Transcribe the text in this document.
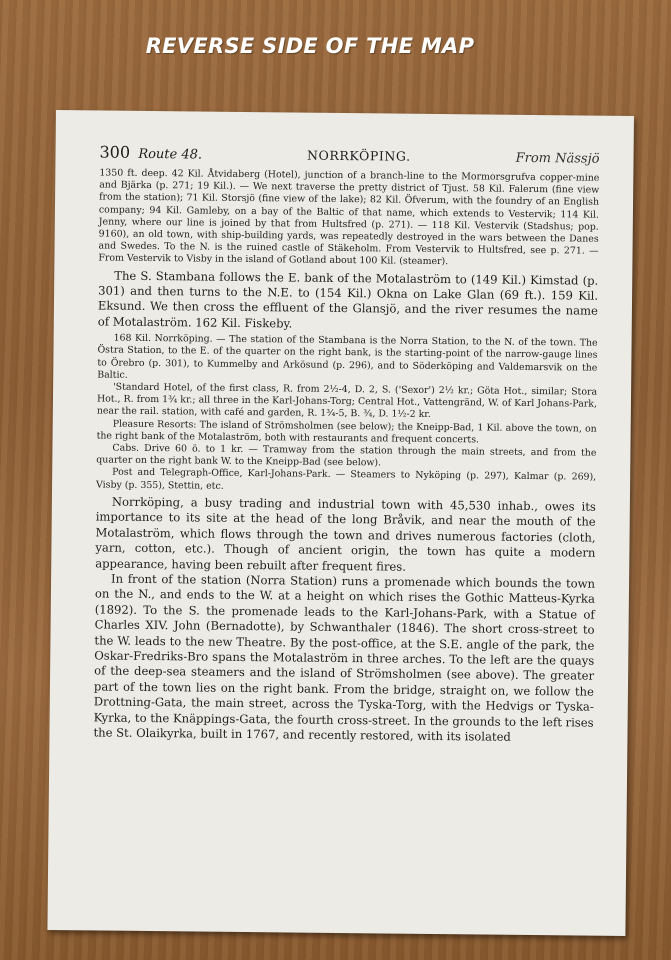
REVERSE SIDE OF THE MAP
300 Route 48.	NORRKÖPING.	From Nässjö

1350 ft. deep. 42 Kil. Åtvidaberg (Hotel), junction of a branch-line to the Mormorsgrufva copper-mine and Bjärka (p. 271; 19 Kil.). — We next traverse the pretty district of Tjust. 58 Kil. Falerum (fine view from the station); 71 Kil. Storsjö (fine view of the lake); 82 Kil. Öfverum, with the foundry of an English company; 94 Kil. Gamleby, on a bay of the Baltic of that name, which extends to Vestervik; 114 Kil. Jenny, where our line is joined by that from Hultsfred (p. 271). — 118 Kil. Vestervik (Stadshus; pop. 9160), an old town, with ship-building yards, was repeatedly destroyed in the wars between the Danes and Swedes. To the N. is the ruined castle of Stäkeholm. From Vestervik to Hultsfred, see p. 271. — From Vestervik to Visby in the island of Gotland about 100 Kil. (steamer).

The S. Stambana follows the E. bank of the Motalaström to (149 Kil.) Kimstad (p. 301) and then turns to the N.E. to (154 Kil.) Okna on Lake Glan (69 ft.). 159 Kil. Eksund. We then cross the effluent of the Glansjö, and the river resumes the name of Motalaström. 162 Kil. Fiskeby.

168 Kil. Norrköping. — The station of the Stambana is the Norra Station, to the N. of the town. The Östra Station, to the E. of the quarter on the right bank, is the starting-point of the narrow-gauge lines to Örebro (p. 301), to Kummelby and Arkösund (p. 296), and to Söderköping and Valdemarsvik on the Baltic.

'Standard Hotel, of the first class, R. from 2½-4, D. 2, S. ('Sexor') 2½ kr.; Göta Hot., similar; Stora Hot., R. from 1¾ kr.; all three in the Karl-Johans-Torg; Central Hot., Vattengränd, W. of Karl Johans-Park, near the rail. station, with café and garden, R. 1¾-5, B. ¾, D. 1½-2 kr.

Pleasure Resorts: The island of Strömsholmen (see below); the Kneipp-Bad, 1 Kil. above the town, on the right bank of the Motalaström, both with restaurants and frequent concerts.

Cabs. Drive 60 ö. to 1 kr. — Tramway from the station through the main streets, and from the quarter on the right bank W. to the Kneipp-Bad (see below).

Post and Telegraph-Office, Karl-Johans-Park. — Steamers to Nyköping (p. 297), Kalmar (p. 269), Visby (p. 355), Stettin, etc.

Norrköping, a busy trading and industrial town with 45,530 inhab., owes its importance to its site at the head of the long Bråvik, and near the mouth of the Motalaström, which flows through the town and drives numerous factories (cloth, yarn, cotton, etc.). Though of ancient origin, the town has quite a modern appearance, having been rebuilt after frequent fires.

In front of the station (Norra Station) runs a promenade which bounds the town on the N., and ends to the W. at a height on which rises the Gothic Matteus-Kyrka (1892). To the S. the promenade leads to the Karl-Johans-Park, with a Statue of Charles XIV. John (Bernadotte), by Schwanthaler (1846). The short cross-street to the W. leads to the new Theatre. By the post-office, at the S.E. angle of the park, the Oskar-Fredriks-Bro spans the Motalaström in three arches. To the left are the quays of the deep-sea steamers and the island of Strömsholmen (see above). The greater part of the town lies on the right bank. From the bridge, straight on, we follow the Drottning-Gata, the main street, across the Tyska-Torg, with the Hedvigs or Tyska-Kyrka, to the Knäppings-Gata, the fourth cross-street. In the grounds to the left rises the St. Olaikyrka, built in 1767, and recently restored, with its isolated
